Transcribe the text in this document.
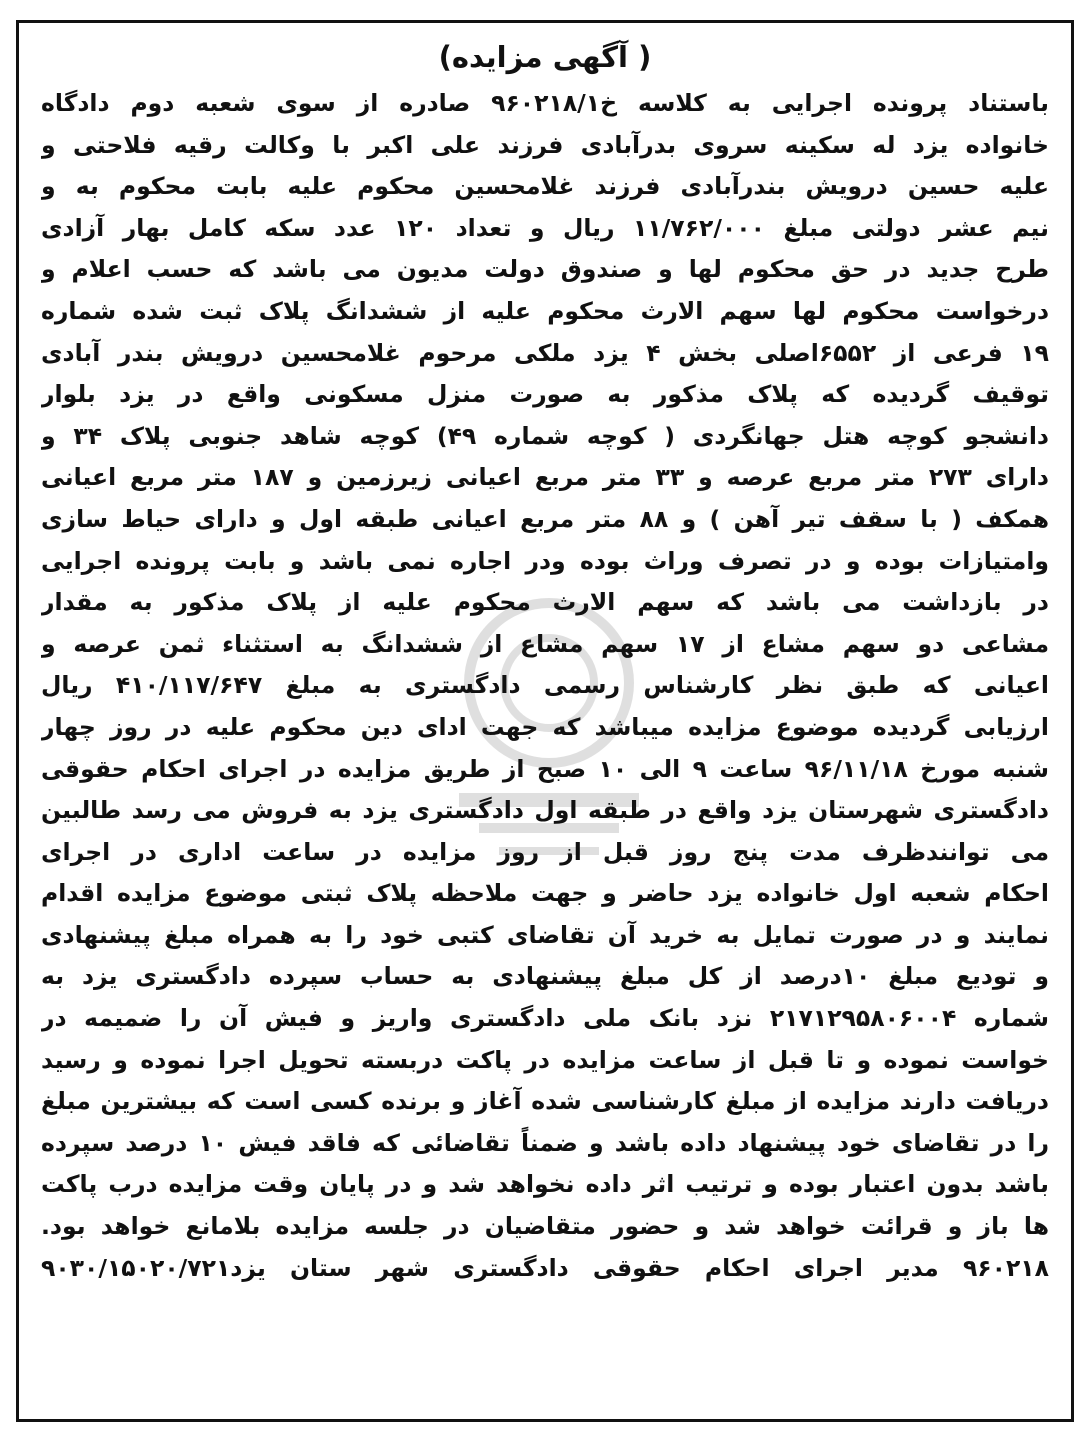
( آگهی مزایده)
باستناد پرونده اجرایی به کلاسه خ۹۶۰۲۱۸/۱ صادره از سوی شعبه دوم دادگاه
خانواده یزد له سکینه سروی بدرآبادی فرزند علی اکبر با وکالت رقیه فلاحتی و
علیه حسین درویش بندرآبادی فرزند غلامحسین محکوم علیه بابت محکوم به و
نیم عشر دولتی مبلغ ۱۱/۷۶۲/۰۰۰ ریال و تعداد ۱۲۰ عدد سکه کامل بهار آزادی
طرح جدید در حق محکوم لها و صندوق دولت مدیون می باشد که حسب اعلام و
درخواست محکوم لها سهم الارث محکوم علیه از ششدانگ پلاک ثبت شده شماره
۱۹ فرعی از ۶۵۵۲اصلی بخش ۴ یزد ملکی مرحوم غلامحسین درویش بندر آبادی
توقیف گردیده که پلاک مذکور به صورت منزل مسکونی واقع در یزد بلوار
دانشجو کوچه هتل جهانگردی ( کوچه شماره ۴۹) کوچه شاهد جنوبی پلاک ۳۴ و
دارای ۲۷۳ متر مربع عرصه و ۳۳ متر مربع اعیانی زیرزمین و ۱۸۷ متر مربع اعیانی
همکف ( با سقف تیر آهن ) و ۸۸ متر مربع اعیانی طبقه اول و دارای حیاط سازی
وامتیازات بوده و در تصرف وراث بوده ودر اجاره نمی باشد و بابت پرونده اجرایی
در بازداشت می باشد که سهم الارث محکوم علیه از پلاک مذکور به مقدار
مشاعی دو سهم مشاع از ۱۷ سهم مشاع از ششدانگ به استثناء ثمن عرصه و
اعیانی که طبق نظر کارشناس رسمی دادگستری به مبلغ ۴۱۰/۱۱۷/۶۴۷ ریال
ارزیابی گردیده موضوع مزایده میباشد که جهت ادای دین محکوم علیه در روز چهار
شنبه مورخ ۹۶/۱۱/۱۸ ساعت ۹ الی ۱۰ صبح از طریق مزایده در اجرای احکام حقوقی
دادگستری شهرستان یزد واقع در طبقه اول دادگستری یزد به فروش می رسد طالبین
می توانندظرف مدت پنج روز قبل از روز مزایده در ساعت اداری در اجرای
احکام شعبه اول خانواده یزد حاضر و جهت ملاحظه پلاک ثبتی موضوع مزایده اقدام
نمایند و در صورت تمایل به خرید آن تقاضای کتبی خود را به همراه مبلغ پیشنهادی
و تودیع مبلغ ۱۰درصد از کل مبلغ پیشنهادی به حساب سپرده دادگستری یزد به
شماره ۲۱۷۱۲۹۵۸۰۶۰۰۴ نزد بانک ملی دادگستری واریز و فیش آن را ضمیمه در
خواست نموده و تا قبل از ساعت مزایده در پاکت دربسته تحویل اجرا نموده و رسید
دریافت دارند مزایده از مبلغ کارشناسی شده آغاز و برنده کسی است که بیشترین مبلغ
را در تقاضای خود پیشنهاد داده باشد و ضمناً تقاضائی که فاقد فیش ۱۰ درصد سپرده
باشد بدون اعتبار بوده و ترتیب اثر داده نخواهد شد و در پایان وقت مزایده درب پاکت
ها باز و قرائت خواهد شد و حضور متقاضیان در جلسه مزایده بلامانع خواهد بود.
۹۶۰۲۱۸ مدیر اجرای احکام حقوقی دادگستری شهر ستان یزد۹۰۳۰/۱۵۰۲۰/۷۲۱
